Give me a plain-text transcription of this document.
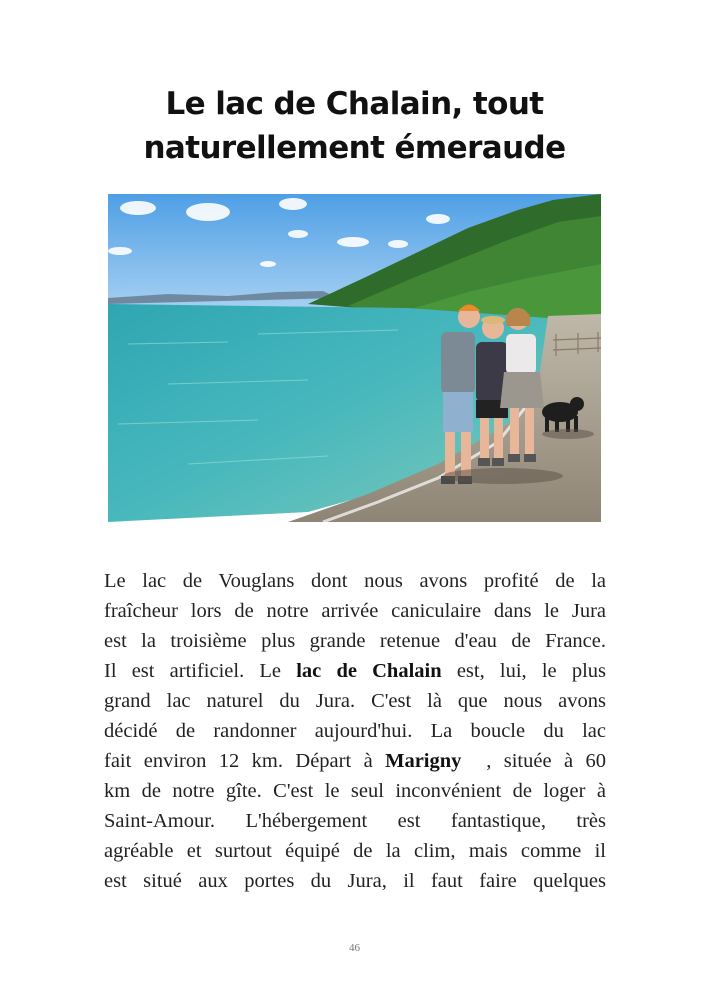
Le lac de Chalain, tout
naturellement émeraude
Le lac de Vouglans dont nous avons profité de la
fraîcheur lors de notre arrivée caniculaire dans le Jura
est la troisième plus grande retenue d'eau de France.
Il est artificiel. Le lac de Chalain est, lui, le plus
grand lac naturel du Jura. C'est là que nous avons
décidé de randonner aujourd'hui. La boucle du lac
fait environ 12 km. Départ à Marigny  , située à 60
km de notre gîte. C'est le seul inconvénient de loger à
Saint-Amour. L'hébergement est fantastique, très
agréable et surtout équipé de la clim, mais comme il
est situé aux portes du Jura, il faut faire quelques
46
